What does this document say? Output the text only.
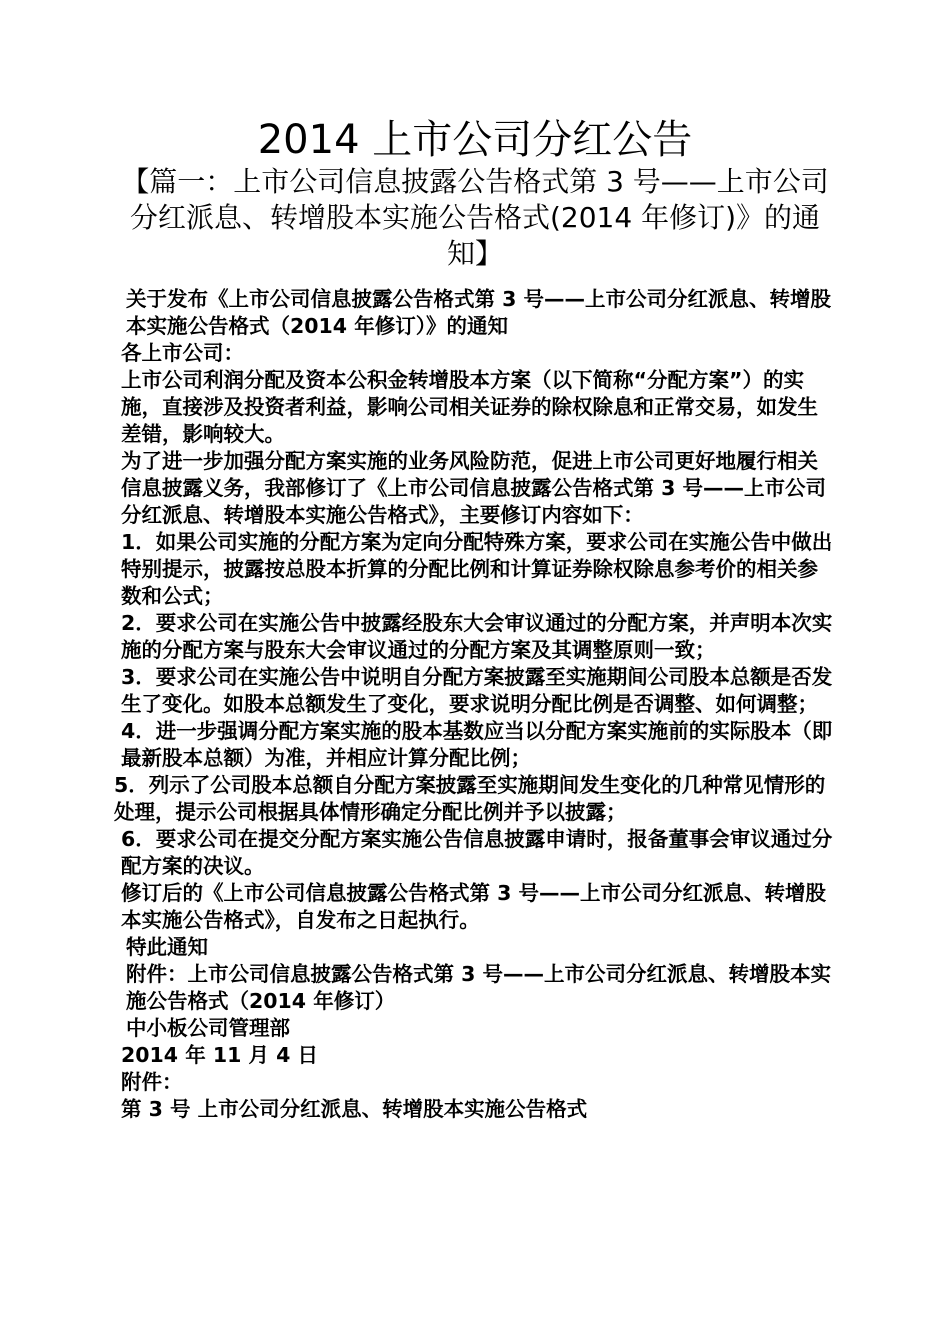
2014 上市公司分红公告
【篇一：上市公司信息披露公告格式第 3 号——上市公司分红派息、转增股本实施公告格式(2014 年修订)》的通知】

关于发布《上市公司信息披露公告格式第 3 号——上市公司分红派息、转增股本实施公告格式（2014 年修订）》的通知

各上市公司：

上市公司利润分配及资本公积金转增股本方案（以下简称“分配方案”）的实施，直接涉及投资者利益，影响公司相关证券的除权除息和正常交易，如发生差错，影响较大。

为了进一步加强分配方案实施的业务风险防范，促进上市公司更好地履行相关信息披露义务，我部修订了《上市公司信息披露公告格式第 3 号——上市公司分红派息、转增股本实施公告格式》，主要修订内容如下：

1．如果公司实施的分配方案为定向分配特殊方案，要求公司在实施公告中做出特别提示，披露按总股本折算的分配比例和计算证券除权除息参考价的相关参数和公式；

2．要求公司在实施公告中披露经股东大会审议通过的分配方案，并声明本次实施的分配方案与股东大会审议通过的分配方案及其调整原则一致；

3．要求公司在实施公告中说明自分配方案披露至实施期间公司股本总额是否发生了变化。如股本总额发生了变化，要求说明分配比例是否调整、如何调整；

4．进一步强调分配方案实施的股本基数应当以分配方案实施前的实际股本（即最新股本总额）为准，并相应计算分配比例；

5．列示了公司股本总额自分配方案披露至实施期间发生变化的几种常见情形的处理，提示公司根据具体情形确定分配比例并予以披露；

6．要求公司在提交分配方案实施公告信息披露申请时，报备董事会审议通过分配方案的决议。

修订后的《上市公司信息披露公告格式第 3 号——上市公司分红派息、转增股本实施公告格式》，自发布之日起执行。

特此通知

附件：上市公司信息披露公告格式第 3 号——上市公司分红派息、转增股本实施公告格式（2014 年修订）

中小板公司管理部

2014 年 11 月 4 日

附件：

第 3 号 上市公司分红派息、转增股本实施公告格式
